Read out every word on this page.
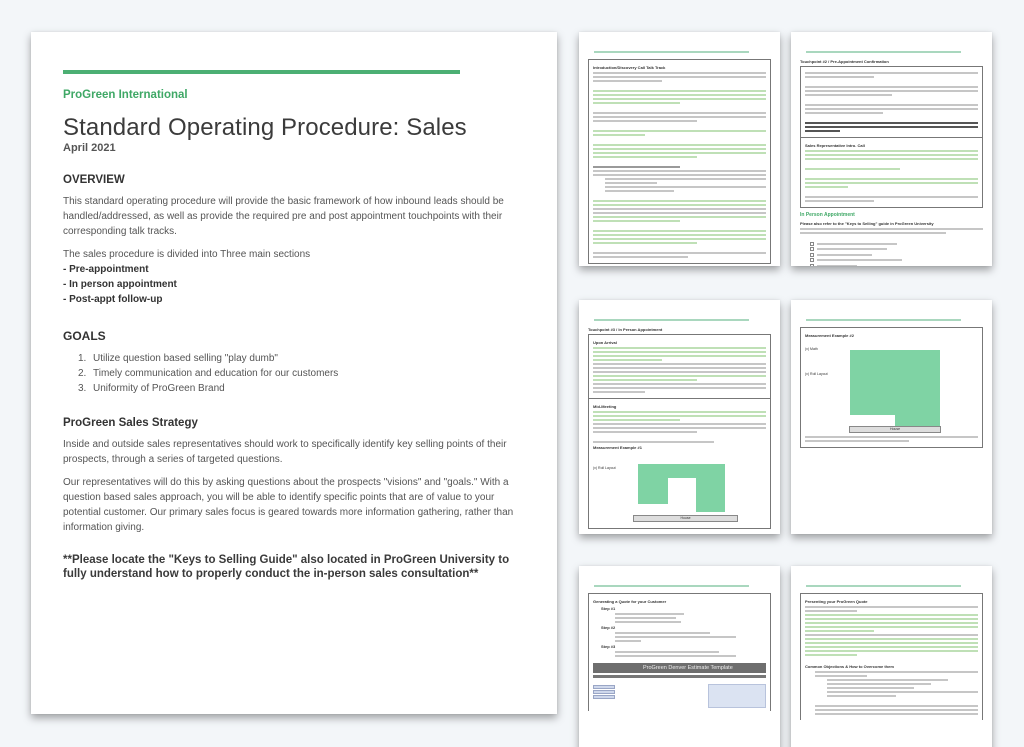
ProGreen International
Standard Operating Procedure: Sales
April 2021
OVERVIEW

This standard operating procedure will provide the basic framework of how inbound leads should be handled/addressed, as well as provide the required pre and post appointment touchpoints with their corresponding talk tracks.

The sales procedure is divided into Three main sections

- Pre-appointment
- In person appointment
- Post-appt follow-up
GOALS
1. Utilize question based selling "play dumb"
2. Timely communication and education for our customers
3. Uniformity of ProGreen Brand
ProGreen Sales Strategy

Inside and outside sales representatives should work to specifically identify key selling points of their prospects, through a series of targeted questions.

Our representatives will do this by asking questions about the prospects "visions" and "goals." With a question based sales approach, you will be able to identify specific points that are of value to your potential customer. Our primary sales focus is geared towards more information gathering, rather than information giving.

**Please locate the "Keys to Selling Guide" also located in ProGreen University to fully understand how to properly conduct the in-person sales consultation**

Introduction/Discovery Call Talk Track
Touchpoint #2 / Pre-Appointment Confirmation
Sales Representative Intro. Call
In Person Appointment
Please also refer to the "Keys to Selling" guide in ProGreen University
Touchpoint #3 / In Person Appointment
Upon Arrival
Mid-Meeting
Measurement Example #1
(x) Roll Layout
House
Measurement Example #2
(x) Math
(x) Roll Layout
House
Generating a Quote for your Customer
Step #1
Step #2
Step #3
ProGreen Denver Estimate Template
Presenting your ProGreen Quote
Common Objections & How to Overcome them
